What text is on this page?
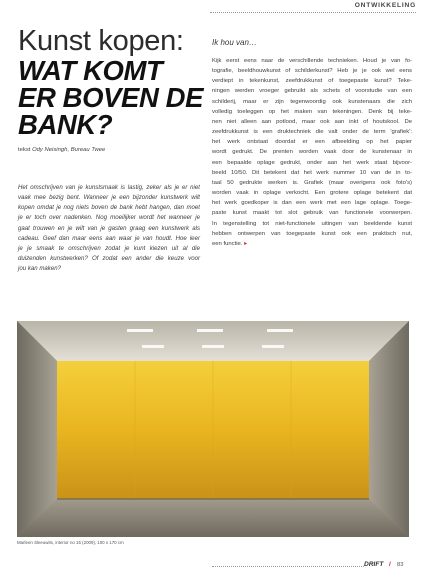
ONTWIKKELING
Kunst kopen:
WAT KOMT
ER BOVEN DE
BANK?
tekst Ody Neisingh, Bureau Twee
Het omschrijven van je kunstsmaak is lastig, zeker als je er niet
vaak mee bezig bent. Wanneer je een bijzonder kunstwerk wilt
kopen omdat je nog niets boven de bank hebt hangen, dan moet
je er toch over nadenken. Nog moeilijker wordt het wanneer je
gaat trouwen en je wilt van je gasten graag een kunstwerk als
cadeau. Geef dan maar eens aan waar je van houdt. Hoe leer
je je smaak te omschrijven zodat je kunt kiezen uit al die
duizenden kunstwerken? Of zodat een ander die keuze voor
jou kan maken?
Ik hou van…
Kijk eerst eens naar de verschillende technieken. Houd je van fo-
tografie, beeldhouwkunst of schilderkunst? Heb je je ook wel eens
verdiept in tekenkunst, zeefdrukkunst of toegepaste kunst? Teke-
ningen werden vroeger gebruikt als schets of voorstudie van een
schilderij, maar er zijn tegenwoordig ook kunstenaars die zich
volledig toeleggen op het maken van tekeningen. Denk bij teke-
nen niet alleen aan potlood, maar ook aan inkt of houtskool. De
zeefdrukkunst is een druktechniek die valt onder de term 'grafiek':
het werk ontstaat doordat er een afbeelding op het papier
wordt gedrukt. De prenten worden vaak door de kunstenaar in
een bepaalde oplage gedrukt, onder aan het werk staat bijvoor-
beeld 10/50. Dit betekent dat het werk nummer 10 van de in to-
taal 50 gedrukte werken is. Grafiek (maar overigens ook foto's)
worden vaak in oplage verkocht. Een grotere oplage betekent dat
het werk goedkoper is dan een werk met een lage oplage. Toege-
paste kunst maakt tot slot gebruik van functionele voorwerpen.
In tegenstelling tot niet-functionele uitingen van beeldende kunst
hebben ontwerpen van toegepaste kunst ook een praktisch nut,
een functie. ▸
Marleen Sleeuwits, interior no 15 (2009), 100 x 170 cm
DRIFT / 83
